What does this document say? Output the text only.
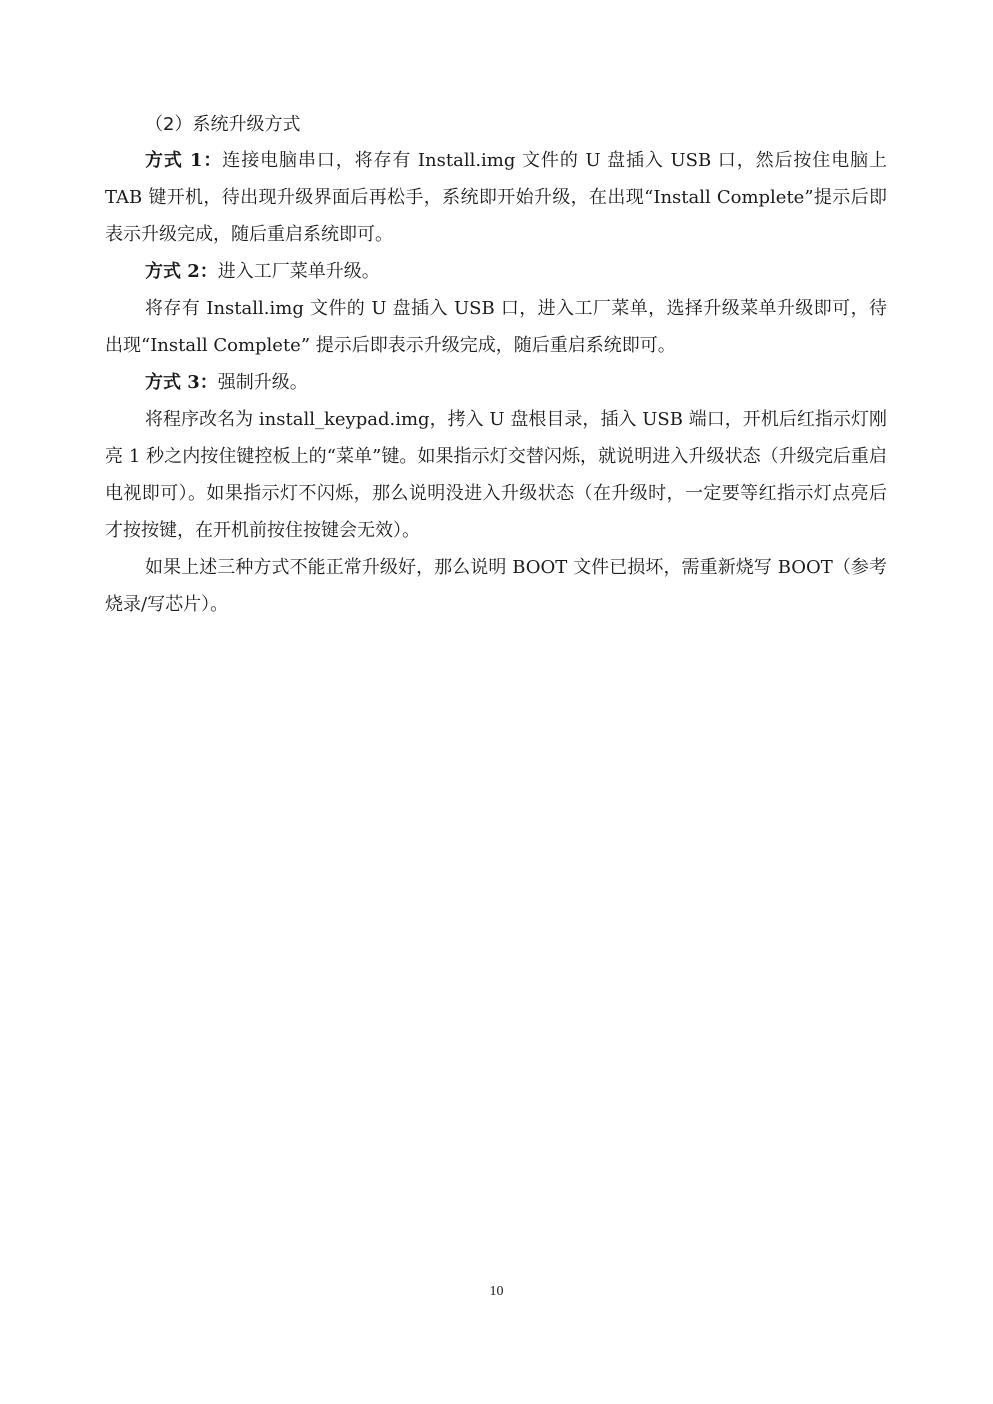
（2）系统升级方式

方式 1：连接电脑串口，将存有 Install.img 文件的 U 盘插入 USB 口，然后按住电脑上 TAB 键开机，待出现升级界面后再松手，系统即开始升级，在出现“Install Complete”提示后即表示升级完成，随后重启系统即可。

方式 2：进入工厂菜单升级。

将存有 Install.img 文件的 U 盘插入 USB 口，进入工厂菜单，选择升级菜单升级即可，待出现“Install Complete” 提示后即表示升级完成，随后重启系统即可。

方式 3：强制升级。

将程序改名为 install_keypad.img，拷入 U 盘根目录，插入 USB 端口，开机后红指示灯刚亮 1 秒之内按住键控板上的“菜单”键。如果指示灯交替闪烁，就说明进入升级状态（升级完后重启电视即可）。如果指示灯不闪烁，那么说明没进入升级状态（在升级时，一定要等红指示灯点亮后才按按键，在开机前按住按键会无效）。

如果上述三种方式不能正常升级好，那么说明 BOOT 文件已损坏，需重新烧写 BOOT（参考烧录/写芯片）。

10
